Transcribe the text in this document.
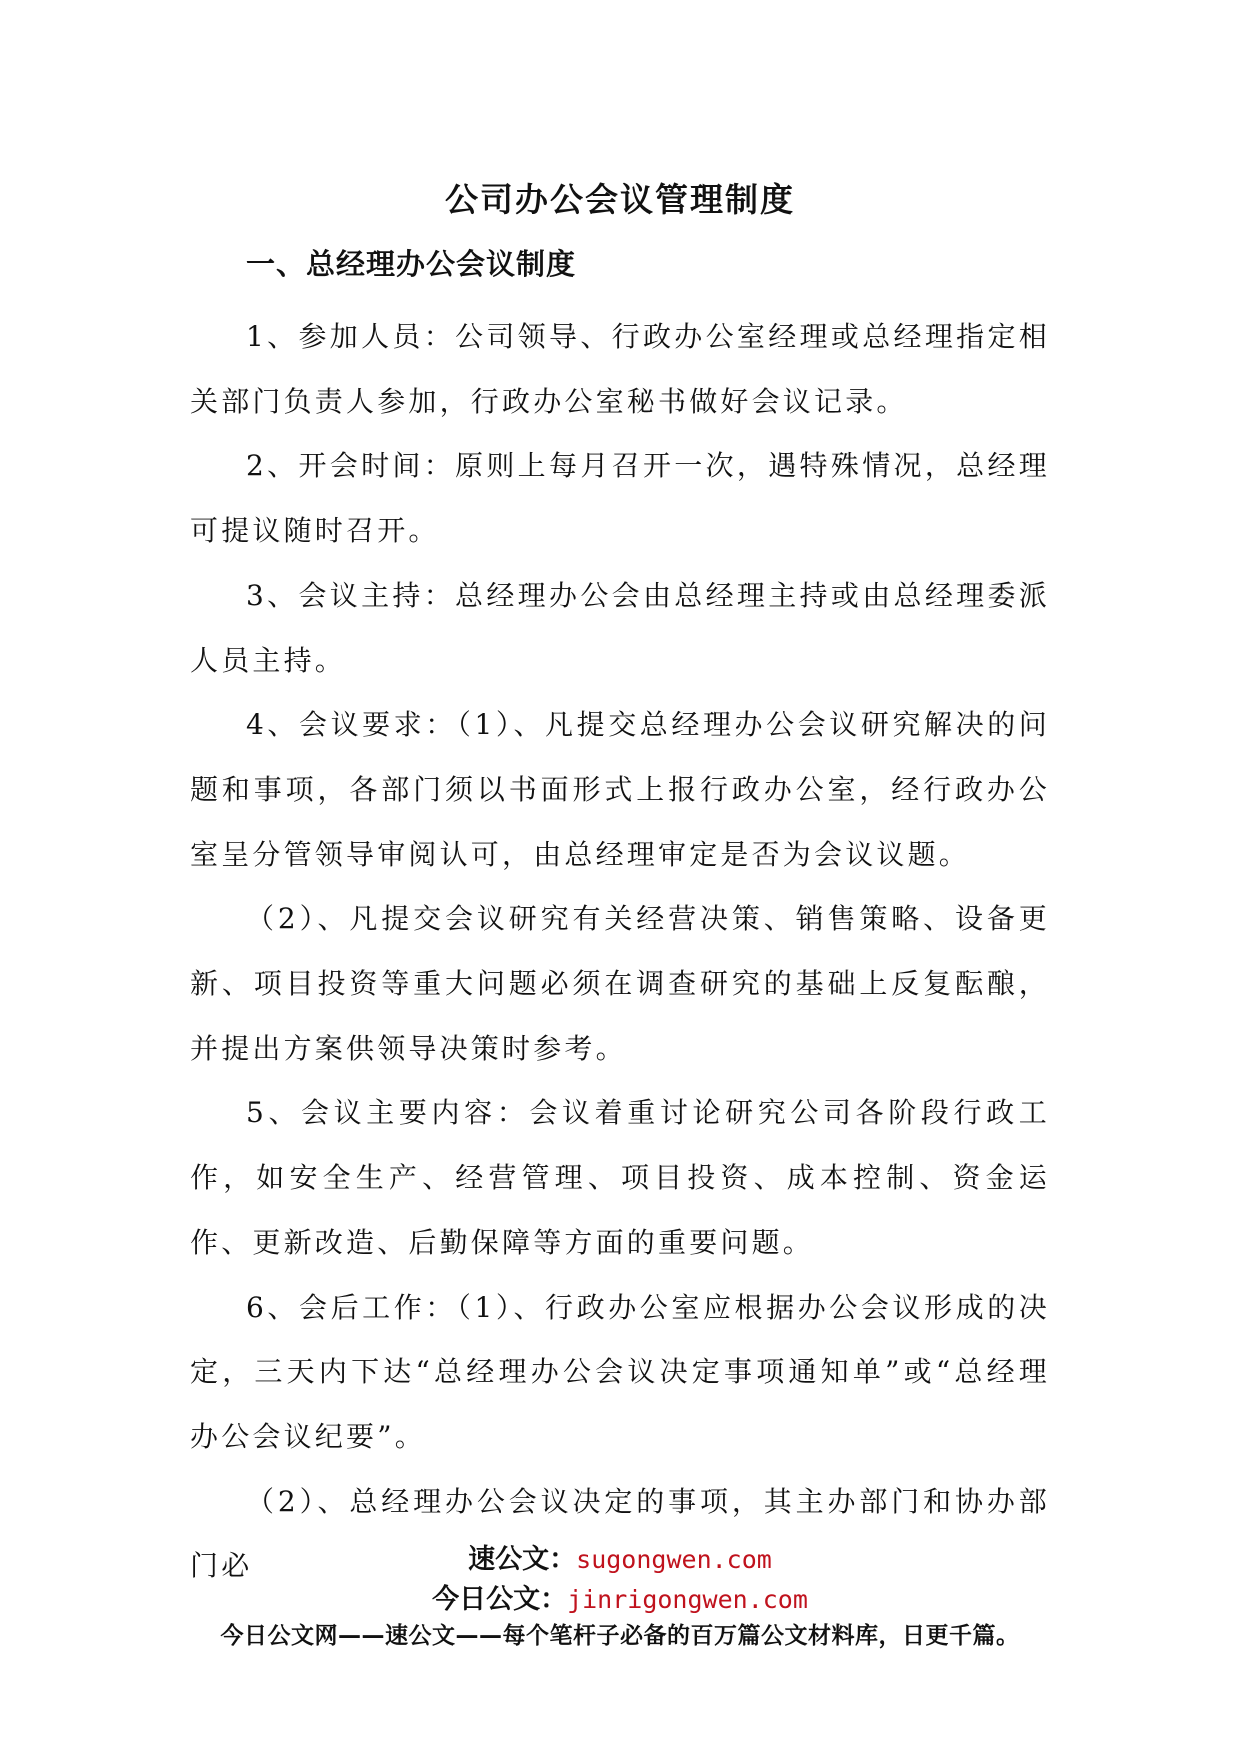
公司办公会议管理制度
一、总经理办公会议制度

1、参加人员：公司领导、行政办公室经理或总经理指定相关部门负责人参加，行政办公室秘书做好会议记录。

2、开会时间：原则上每月召开一次，遇特殊情况，总经理可提议随时召开。

3、会议主持：总经理办公会由总经理主持或由总经理委派人员主持。

4、会议要求：（1）、凡提交总经理办公会议研究解决的问题和事项，各部门须以书面形式上报行政办公室，经行政办公室呈分管领导审阅认可，由总经理审定是否为会议议题。

（2）、凡提交会议研究有关经营决策、销售策略、设备更新、项目投资等重大问题必须在调查研究的基础上反复酝酿，并提出方案供领导决策时参考。

5、会议主要内容：会议着重讨论研究公司各阶段行政工作，如安全生产、经营管理、项目投资、成本控制、资金运作、更新改造、后勤保障等方面的重要问题。

6、会后工作：（1）、行政办公室应根据办公会议形成的决定，三天内下达“总经理办公会议决定事项通知单”或“总经理办公会议纪要”。

（2）、总经理办公会议决定的事项，其主办部门和协办部门必	速公文：sugongwen.com
今日公文：jinrigongwen.com
今日公文网——速公文——每个笔杆子必备的百万篇公文材料库，日更千篇。
